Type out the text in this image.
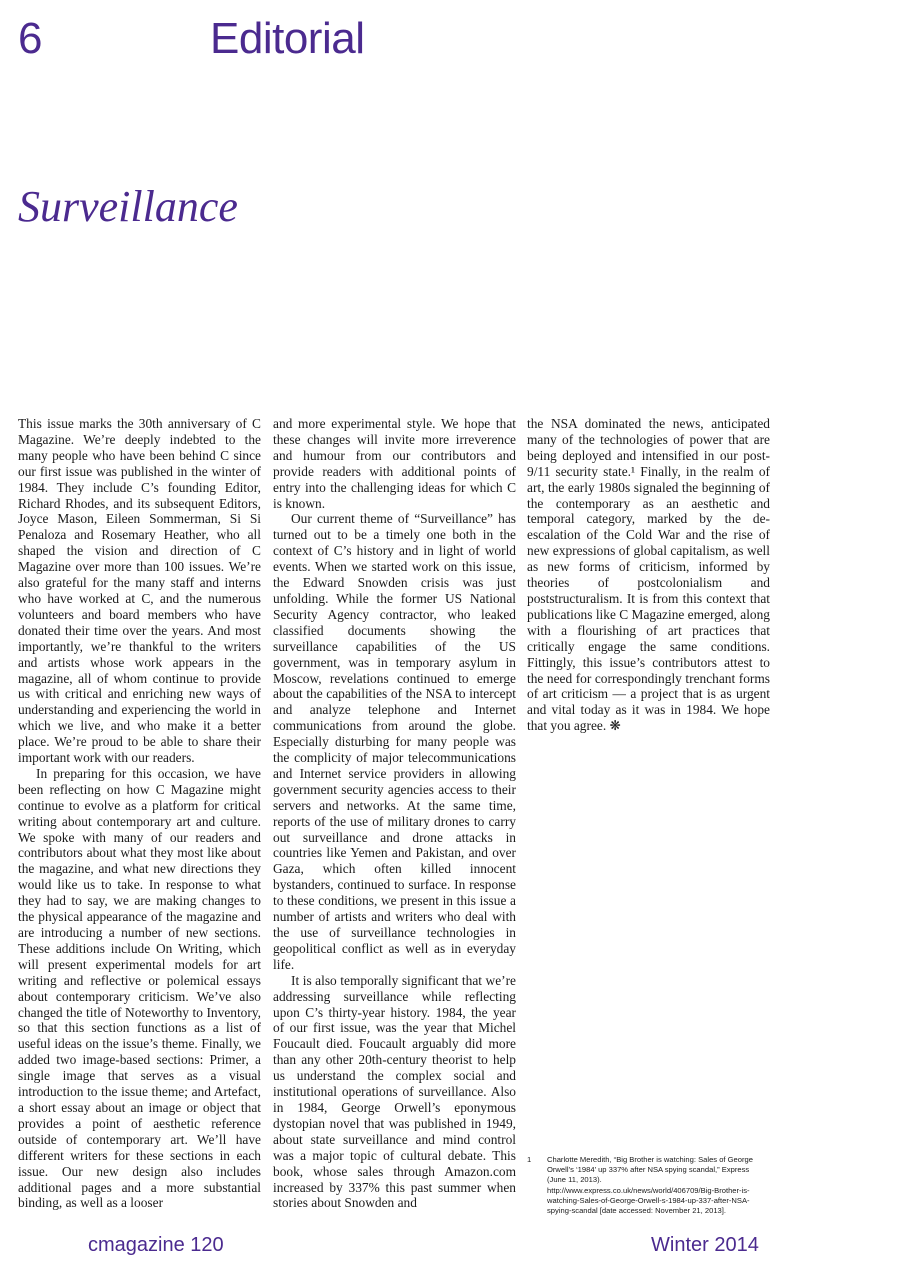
6	Editorial
Surveillance

This issue marks the 30th anniversary of C Magazine. We’re deeply indebted to the many people who have been behind C since our first issue was published in the winter of 1984. They include C’s founding Editor, Richard Rhodes, and its subsequent Editors, Joyce Mason, Eileen Sommerman, Si Si Penaloza and Rosemary Heather, who all shaped the vision and direction of C Magazine over more than 100 issues. We’re also grateful for the many staff and interns who have worked at C, and the numerous volunteers and board members who have donated their time over the years. And most importantly, we’re thankful to the writers and artists whose work appears in the magazine, all of whom continue to provide us with critical and enriching new ways of understanding and experiencing the world in which we live, and who make it a better place. We’re proud to be able to share their important work with our readers.

In preparing for this occasion, we have been reflecting on how C Magazine might continue to evolve as a platform for critical writing about contemporary art and culture. We spoke with many of our readers and contributors about what they most like about the magazine, and what new directions they would like us to take. In response to what they had to say, we are making changes to the physical appearance of the magazine and are introducing a number of new sections. These additions include On Writing, which will present experimental models for art writing and reflective or polemical essays about contemporary criticism. We’ve also changed the title of Noteworthy to Inventory, so that this section functions as a list of useful ideas on the issue’s theme. Finally, we added two image-based sections: Primer, a single image that serves as a visual introduction to the issue theme; and Artefact, a short essay about an image or object that provides a point of aesthetic reference outside of contemporary art. We’ll have different writers for these sections in each issue. Our new design also includes additional pages and a more substantial binding, as well as a looser

and more experimental style. We hope that these changes will invite more irreverence and humour from our contributors and provide readers with additional points of entry into the challenging ideas for which C is known.

Our current theme of “Surveillance” has turned out to be a timely one both in the context of C’s history and in light of world events. When we started work on this issue, the Edward Snowden crisis was just unfolding. While the former US National Security Agency contractor, who leaked classified documents showing the surveillance capabilities of the US government, was in temporary asylum in Moscow, revelations continued to emerge about the capabilities of the NSA to intercept and analyze telephone and Internet communications from around the globe. Especially disturbing for many people was the complicity of major telecommunications and Internet service providers in allowing government security agencies access to their servers and networks. At the same time, reports of the use of military drones to carry out surveillance and drone attacks in countries like Yemen and Pakistan, and over Gaza, which often killed innocent bystanders, continued to surface. In response to these conditions, we present in this issue a number of artists and writers who deal with the use of surveillance technologies in geopolitical conflict as well as in everyday life.

It is also temporally significant that we’re addressing surveillance while reflecting upon C’s thirty-year history. 1984, the year of our first issue, was the year that Michel Foucault died. Foucault arguably did more than any other 20th-century theorist to help us understand the complex social and institutional operations of surveillance. Also in 1984, George Orwell’s eponymous dystopian novel that was published in 1949, about state surveillance and mind control was a major topic of cultural debate. This book, whose sales through Amazon.com increased by 337% this past summer when stories about Snowden and

the NSA dominated the news, anticipated many of the technologies of power that are being deployed and intensified in our post-9/11 security state.¹ Finally, in the realm of art, the early 1980s signaled the beginning of the contemporary as an aesthetic and temporal category, marked by the de-escalation of the Cold War and the rise of new expressions of global capitalism, as well as new forms of criticism, informed by theories of postcolonialism and poststructuralism. It is from this context that publications like C Magazine emerged, along with a flourishing of art practices that critically engage the same conditions. Fittingly, this issue’s contributors attest to the need for correspondingly trenchant forms of art criticism — a project that is as urgent and vital today as it was in 1984. We hope that you agree. ❋

1 Charlotte Meredith, “Big Brother is watching: Sales of George Orwell’s ‘1984’ up 337% after NSA spying scandal,” Express (June 11, 2013). http://www.express.co.uk/news/world/406709/Big-Brother-is-watching-Sales-of-George-Orwell-s-1984-up-337-after-NSA-spying-scandal [date accessed: November 21, 2013].
cmagazine 120	Winter 2014
